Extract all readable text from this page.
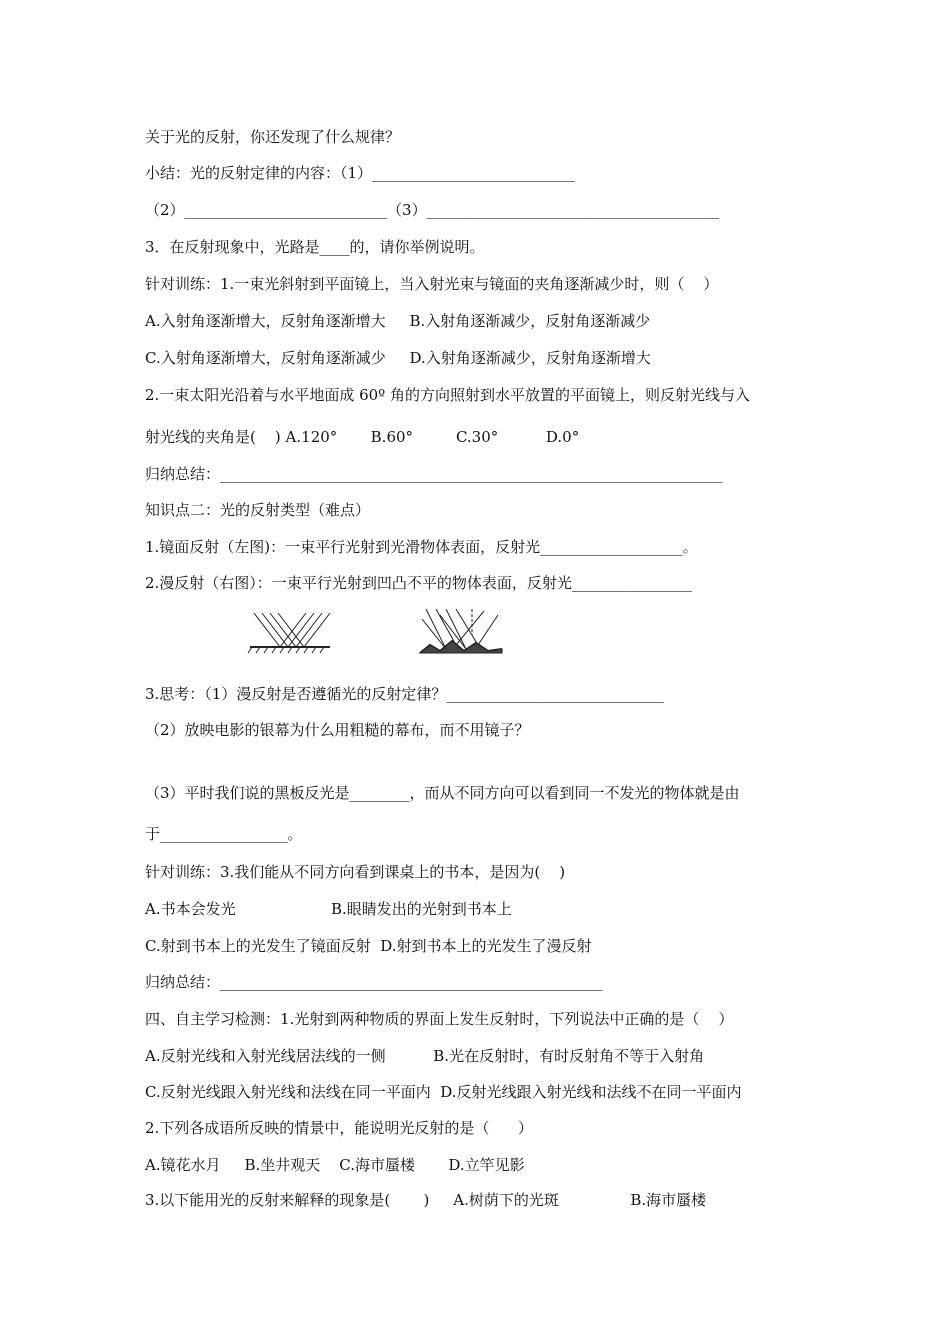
关于光的反射，你还发现了什么规律？
小结：光的反射定律的内容：（1）___________________________
（2）___________________________（3）_______________________________________
3．在反射现象中，光路是____的，请你举例说明。
针对训练：1.一束光斜射到平面镜上，当入射光束与镜面的夹角逐渐减少时，则（    ）
A.入射角逐渐增大，反射角逐渐增大     B.入射角逐渐减少，反射角逐渐减少
C.入射角逐渐增大，反射角逐渐减少     D.入射角逐渐减少，反射角逐渐增大
2.一束太阳光沿着与水平地面成 60º 角的方向照射到水平放置的平面镜上，则反射光线与入
射光线的夹角是(    ) A.120°       B.60°         C.30°          D.0°
归纳总结：___________________________________________________________________
知识点二：光的反射类型（难点）
1.镜面反射（左图)：一束平行光射到光滑物体表面，反射光___________________。
2.漫反射（右图）：一束平行光射到凹凸不平的物体表面，反射光________________
3.思考：（1）漫反射是否遵循光的反射定律？_____________________________
（2）放映电影的银幕为什么用粗糙的幕布，而不用镜子？
（3）平时我们说的黑板反光是________，而从不同方向可以看到同一不发光的物体就是由
于_________________。
针对训练：3.我们能从不同方向看到课桌上的书本，是因为(    )
A.书本会发光                    B.眼睛发出的光射到书本上
C.射到书本上的光发生了镜面反射  D.射到书本上的光发生了漫反射
归纳总结：___________________________________________________
四、自主学习检测：1.光射到两种物质的界面上发生反射时，下列说法中正确的是（    ）
A.反射光线和入射光线居法线的一侧          B.光在反射时，有时反射角不等于入射角
C.反射光线跟入射光线和法线在同一平面内  D.反射光线跟入射光线和法线不在同一平面内
2.下列各成语所反映的情景中，能说明光反射的是（      ）
A.镜花水月     B.坐井观天    C.海市蜃楼       D.立竿见影
3.以下能用光的反射来解释的现象是(       )     A.树荫下的光斑               B.海市蜃楼
